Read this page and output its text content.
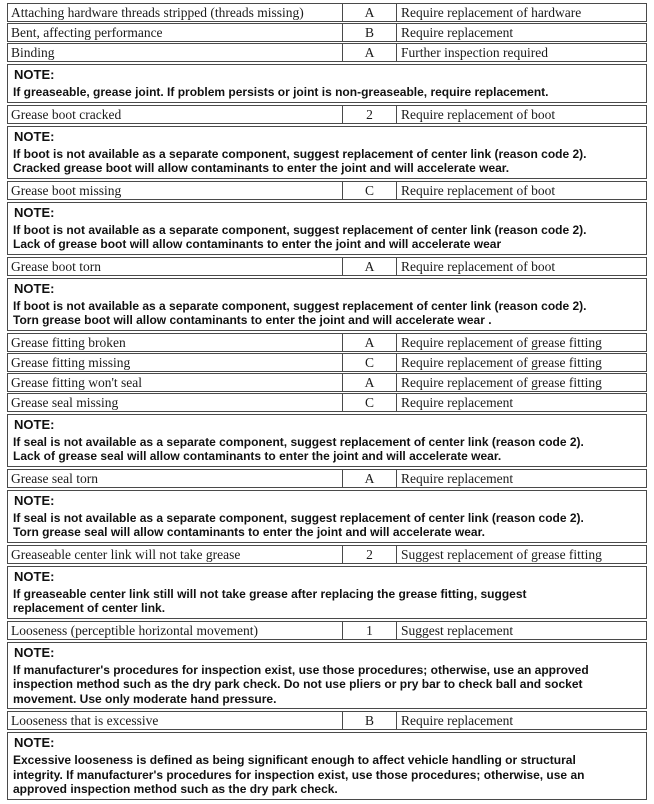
Attaching hardware threads stripped (threads missing)	A	Require replacement of hardware
Bent, affecting performance	B	Require replacement
Binding	A	Further inspection required
NOTE:
If greaseable, grease joint. If problem persists or joint is non-greaseable, require replacement.
Grease boot cracked	2	Require replacement of boot
NOTE:
If boot is not available as a separate component, suggest replacement of center link (reason code 2).
Cracked grease boot will allow contaminants to enter the joint and will accelerate wear.
Grease boot missing	C	Require replacement of boot
NOTE:
If boot is not available as a separate component, suggest replacement of center link (reason code 2).
Lack of grease boot will allow contaminants to enter the joint and will accelerate wear
Grease boot torn	A	Require replacement of boot
NOTE:
If boot is not available as a separate component, suggest replacement of center link (reason code 2).
Torn grease boot will allow contaminants to enter the joint and will accelerate wear .
Grease fitting broken	A	Require replacement of grease fitting
Grease fitting missing	C	Require replacement of grease fitting
Grease fitting won't seal	A	Require replacement of grease fitting
Grease seal missing	C	Require replacement
NOTE:
If seal is not available as a separate component, suggest replacement of center link (reason code 2).
Lack of grease seal will allow contaminants to enter the joint and will accelerate wear.
Grease seal torn	A	Require replacement
NOTE:
If seal is not available as a separate component, suggest replacement of center link (reason code 2).
Torn grease seal will allow contaminants to enter the joint and will accelerate wear.
Greaseable center link will not take grease	2	Suggest replacement of grease fitting
NOTE:
If greaseable center link still will not take grease after replacing the grease fitting, suggest
replacement of center link.
Looseness (perceptible horizontal movement)	1	Suggest replacement
NOTE:
If manufacturer's procedures for inspection exist, use those procedures; otherwise, use an approved
inspection method such as the dry park check. Do not use pliers or pry bar to check ball and socket
movement. Use only moderate hand pressure.
Looseness that is excessive	B	Require replacement
NOTE:
Excessive looseness is defined as being significant enough to affect vehicle handling or structural
integrity. If manufacturer's procedures for inspection exist, use those procedures; otherwise, use an
approved inspection method such as the dry park check.
